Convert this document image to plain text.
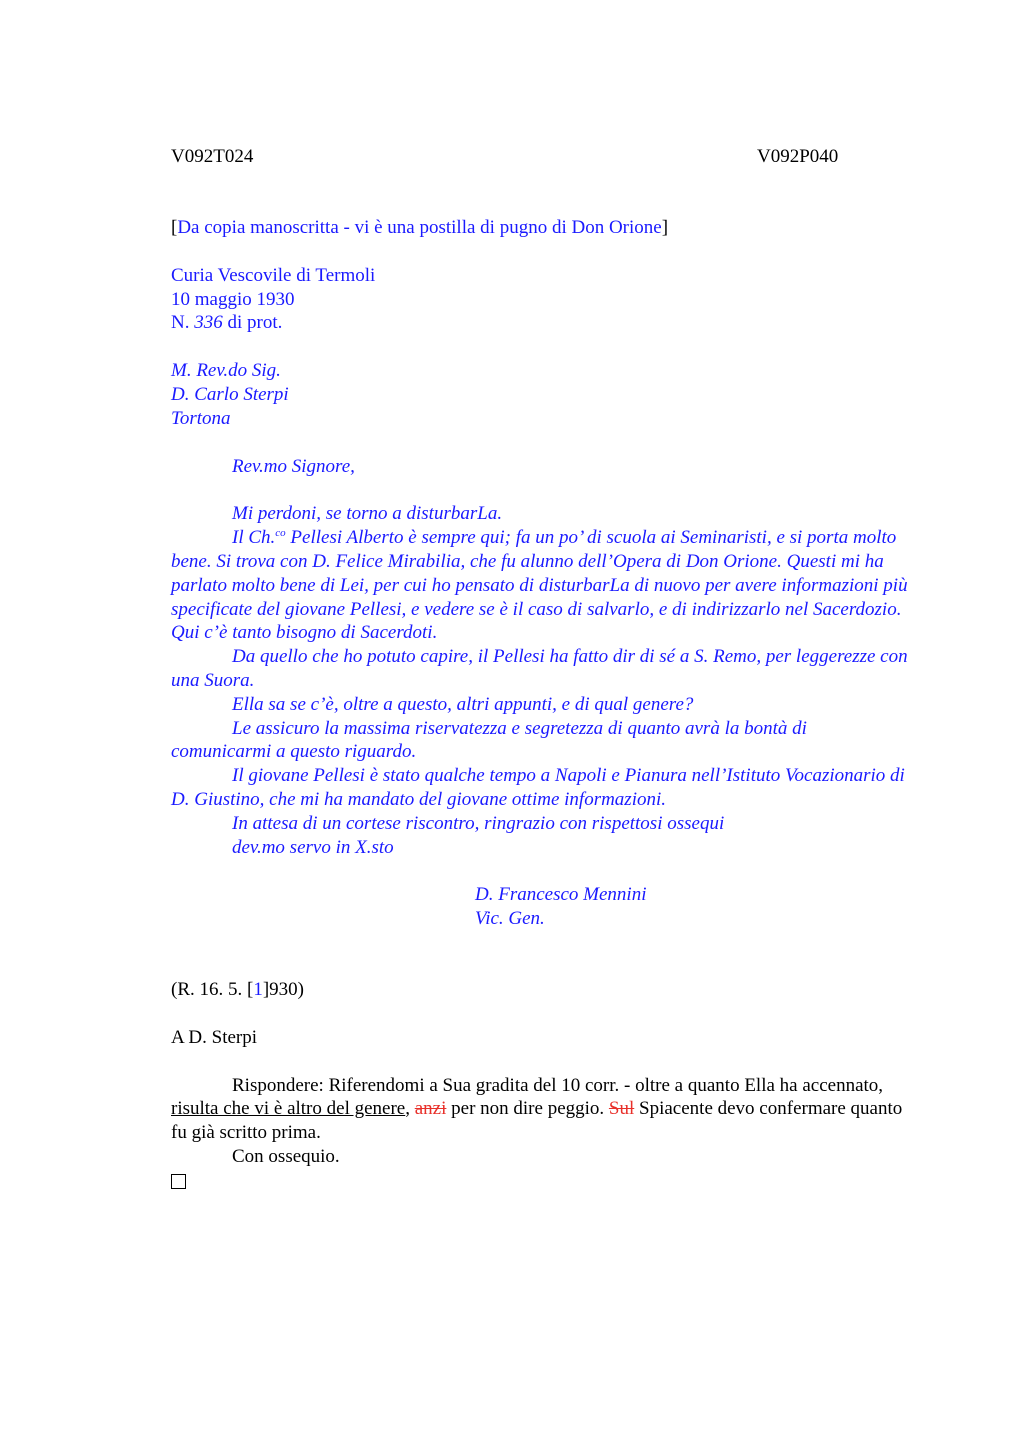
V092T024	V092P040

[Da copia manoscritta - vi è una postilla di pugno di Don Orione]

Curia Vescovile di Termoli

10 maggio 1930

N. 336 di prot.

M. Rev.do Sig.

D. Carlo Sterpi

Tortona

Rev.mo Signore,

Mi perdoni, se torno a disturbarLa.

Il Ch.$^{co}$ Pellesi Alberto è sempre qui; fa un po’ di scuola ai Seminaristi, e si porta molto bene. Si trova con D. Felice Mirabilia, che fu alunno dell’Opera di Don Orione. Questi mi ha parlato molto bene di Lei, per cui ho pensato di disturbarLa di nuovo per avere informazioni più specificate del giovane Pellesi, e vedere se è il caso di salvarlo, e di indirizzarlo nel Sacerdozio. Qui c’è tanto bisogno di Sacerdoti.

Da quello che ho potuto capire, il Pellesi ha fatto dir di sé a S. Remo, per leggerezze con una Suora.

Ella sa se c’è, oltre a questo, altri appunti, e di qual genere?

Le assicuro la massima riservatezza e segretezza di quanto avrà la bontà di comunicarmi a questo riguardo.

Il giovane Pellesi è stato qualche tempo a Napoli e Pianura nell’Istituto Vocazionario di D. Giustino, che mi ha mandato del giovane ottime informazioni.

In attesa di un cortese riscontro, ringrazio con rispettosi ossequi

dev.mo servo in X.sto

D. Francesco Mennini

Vic. Gen.

(R. 16. 5. [1]930)

A D. Sterpi

Rispondere: Riferendomi a Sua gradita del 10 corr. - oltre a quanto Ella ha accennato, risulta che vi è altro del genere, anzi per non dire peggio. Sul Spiacente devo confermare quanto fu già scritto prima.

Con ossequio.
